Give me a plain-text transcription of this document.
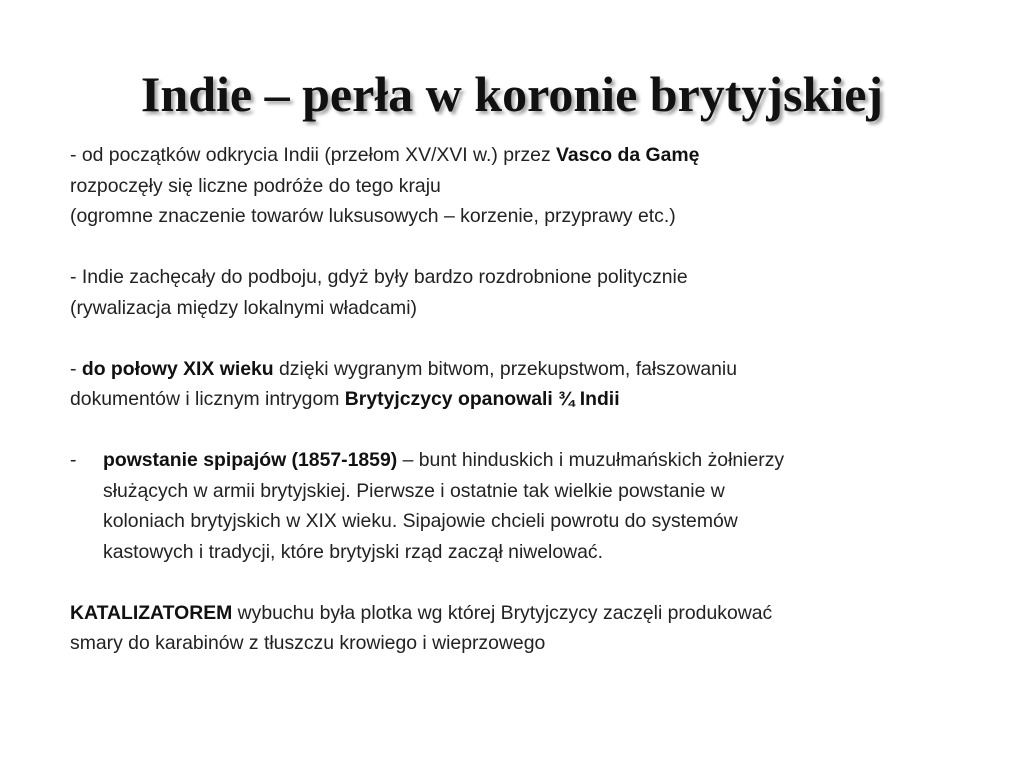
Indie – perła w koronie brytyjskiej

- od początków odkrycia Indii (przełom XV/XVI w.) przez Vasco da Gamę rozpoczęły się liczne podróże do tego kraju
(ogromne znaczenie towarów luksusowych – korzenie, przyprawy etc.)

- Indie zachęcały do podboju, gdyż były bardzo rozdrobnione politycznie (rywalizacja między lokalnymi władcami)

- do połowy XIX wieku dzięki wygranym bitwom, przekupstwom, fałszowaniu dokumentów i licznym intrygom Brytyjczycy opanowali ¾ Indii

- powstanie spipajów (1857-1859) – bunt hinduskich i muzułmańskich żołnierzy służących w armii brytyjskiej. Pierwsze i ostatnie tak wielkie powstanie w koloniach brytyjskich w XIX wieku. Sipajowie chcieli powrotu do systemów kastowych i tradycji, które brytyjski rząd zaczął niwelować.

KATALIZATOREM wybuchu była plotka wg której Brytyjczycy zaczęli produkować smary do karabinów z tłuszczu krowiego i wieprzowego
